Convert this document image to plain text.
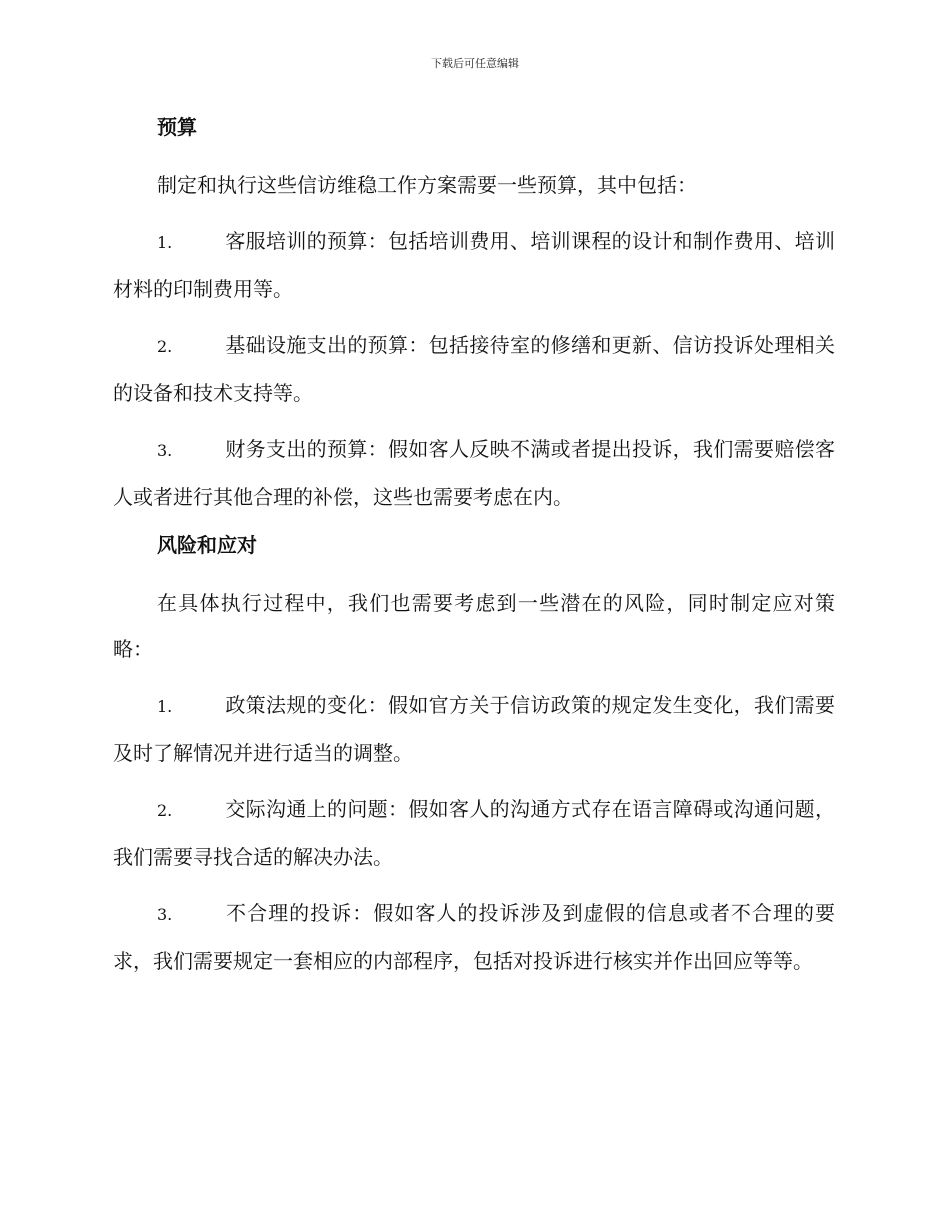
下载后可任意编辑
预算

制定和执行这些信访维稳工作方案需要一些预算，其中包括：

1.	客服培训的预算：包括培训费用、培训课程的设计和制作费用、培训材料的印制费用等。

2.	基础设施支出的预算：包括接待室的修缮和更新、信访投诉处理相关的设备和技术支持等。

3.	财务支出的预算：假如客人反映不满或者提出投诉，我们需要赔偿客人或者进行其他合理的补偿，这些也需要考虑在内。

风险和应对

在具体执行过程中，我们也需要考虑到一些潜在的风险，同时制定应对策略：

1.	政策法规的变化：假如官方关于信访政策的规定发生变化，我们需要及时了解情况并进行适当的调整。

2.	交际沟通上的问题：假如客人的沟通方式存在语言障碍或沟通问题，我们需要寻找合适的解决办法。

3.	不合理的投诉：假如客人的投诉涉及到虚假的信息或者不合理的要求，我们需要规定一套相应的内部程序，包括对投诉进行核实并作出回应等等。
